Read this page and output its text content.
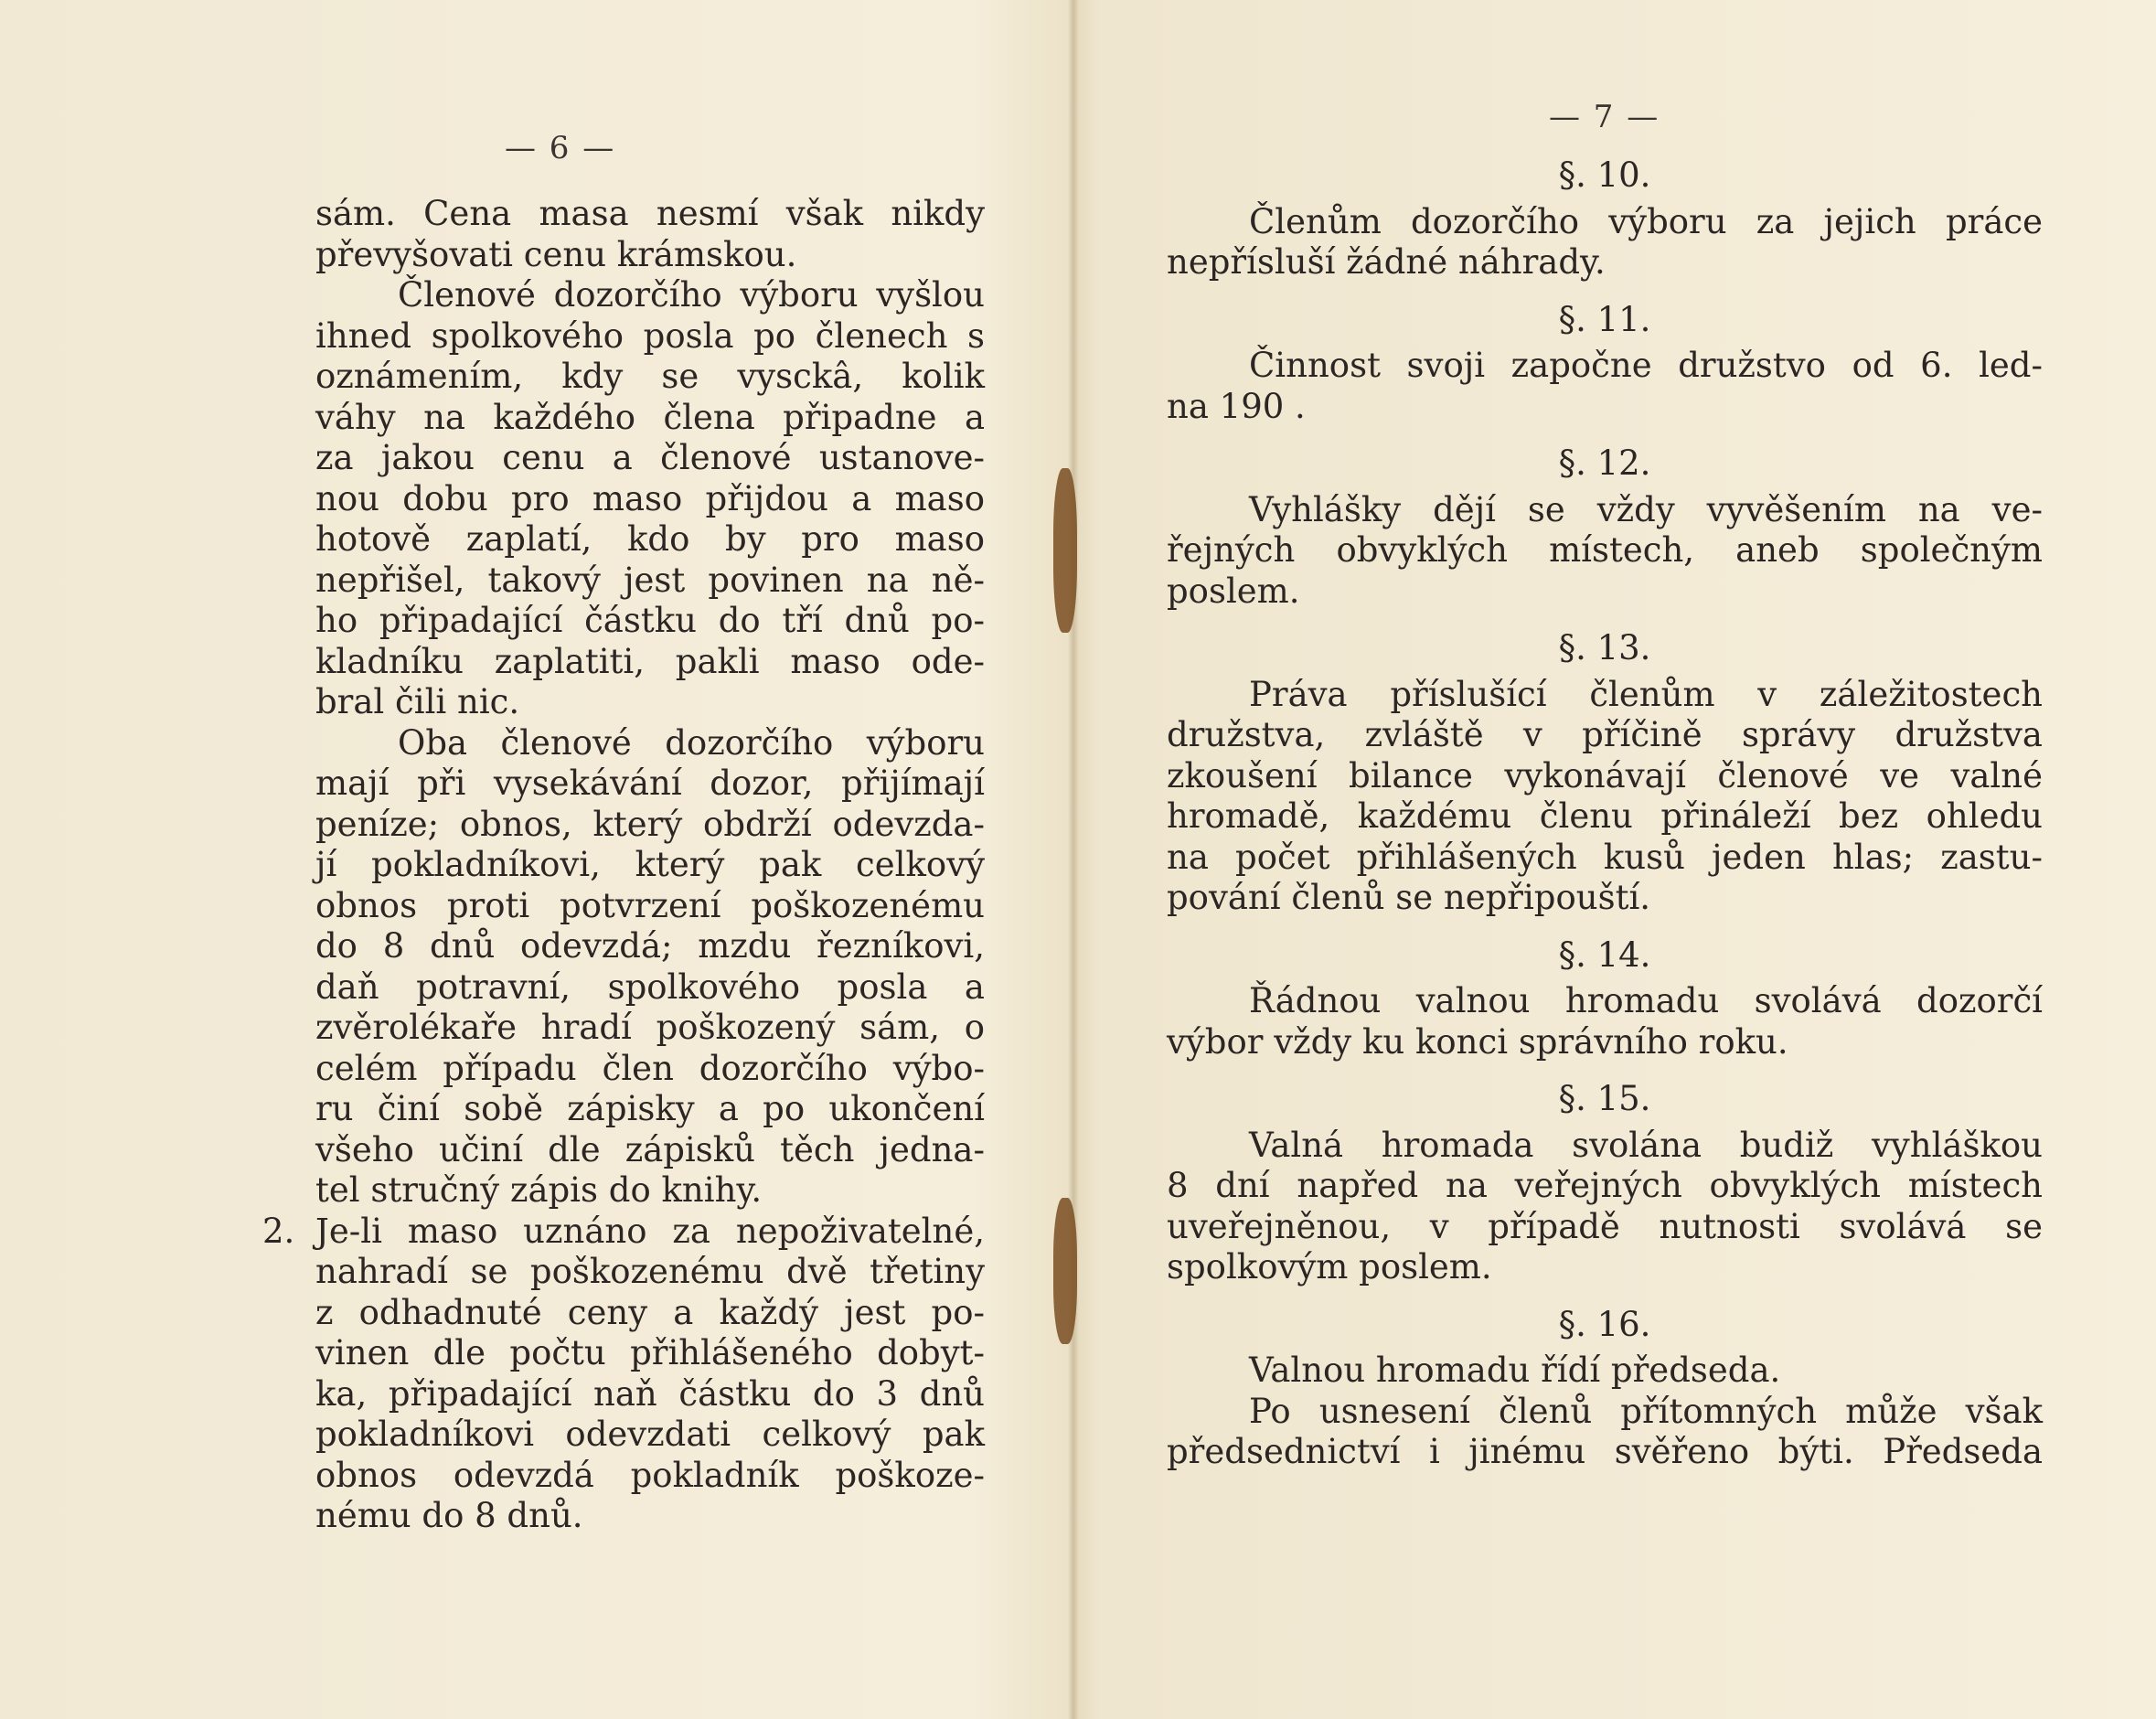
— 6 —

sám. Cena masa nesmí však nikdy
převyšovati cenu krámskou.

Členové dozorčího výboru vyšlou
ihned spolkového posla po členech s
oznámením, kdy se vysckâ, kolik
váhy na každého člena připadne a
za jakou cenu a členové ustanove-
nou dobu pro maso přijdou a maso
hotově zaplatí, kdo by pro maso
nepřišel, takový jest povinen na ně-
ho připadající částku do tří dnů po-
kladníku zaplatiti, pakli maso ode-
bral čili nic.

Oba členové dozorčího výboru
mají při vysekávání dozor, přijímají
peníze; obnos, který obdrží odevzda-
jí pokladníkovi, který pak celkový
obnos proti potvrzení poškozenému
do 8 dnů odevzdá; mzdu řezníkovi,
daň potravní, spolkového posla a
zvěrolékaře hradí poškozený sám, o
celém případu člen dozorčího výbo-
ru činí sobě zápisky a po ukončení
všeho učiní dle zápisků těch jedna-
tel stručný zápis do knihy.

2. Je-li maso uznáno za nepoživatelné,
nahradí se poškozenému dvě třetiny
z odhadnuté ceny a každý jest po-
vinen dle počtu přihlášeného dobyt-
ka, připadající naň částku do 3 dnů
pokladníkovi odevzdati celkový pak
obnos odevzdá pokladník poškoze-
nému do 8 dnů.

— 7 —
§. 10.
Členům dozorčího výboru za jejich práce
nepřísluší žádné náhrady.
§. 11.
Činnost svoji započne družstvo od 6. led-
na 190 .
§. 12.
Vyhlášky dějí se vždy vyvěšením na ve-
řejných obvyklých místech, aneb společným
poslem.
§. 13.
Práva příslušící členům v záležitostech
družstva, zvláště v příčině správy družstva
zkoušení bilance vykonávají členové ve valné
hromadě, každému členu přináleží bez ohledu
na počet přihlášených kusů jeden hlas; zastu-
pování členů se nepřipouští.
§. 14.
Řádnou valnou hromadu svolává dozorčí
výbor vždy ku konci správního roku.
§. 15.
Valná hromada svolána budiž vyhláškou
8 dní napřed na veřejných obvyklých místech
uveřejněnou, v případě nutnosti svolává se
spolkovým poslem.
§. 16.
Valnou hromadu řídí předseda.
Po usnesení členů přítomných může však
předsednictví i jinému svěřeno býti. Předseda
